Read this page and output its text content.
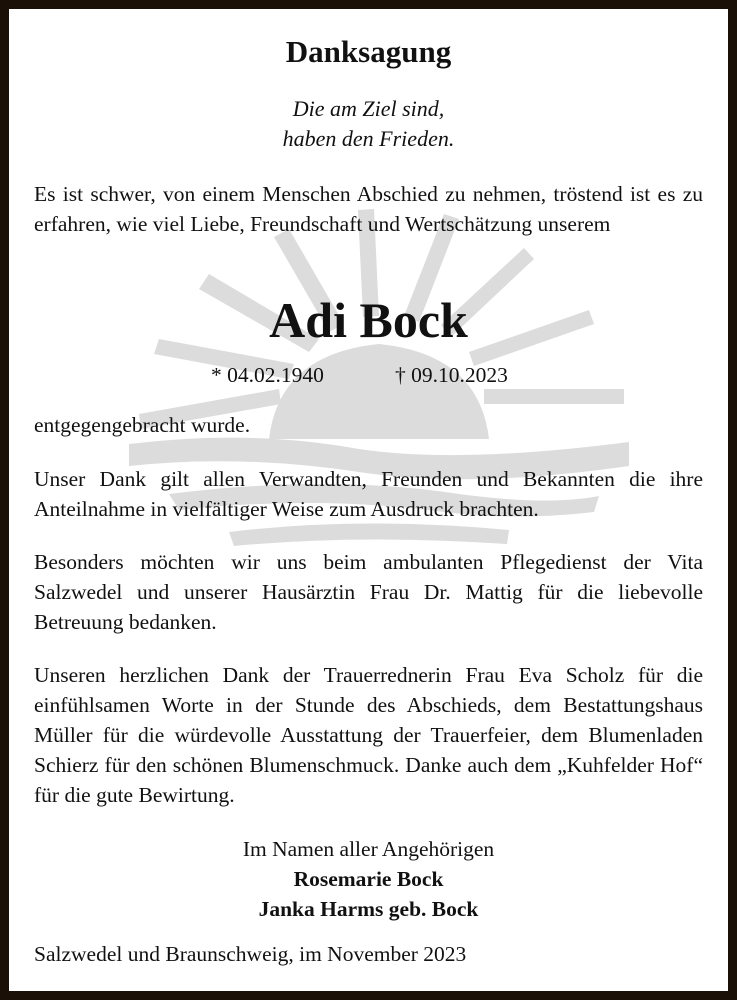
Danksagung
Die am Ziel sind,
haben den Frieden.

Es ist schwer, von einem Menschen Abschied zu nehmen, tröstend ist es zu erfahren, wie viel Liebe, Freundschaft und Wertschätzung unserem

Adi Bock
* 04.02.1940	† 09.10.2023

entgegengebracht wurde.

Unser Dank gilt allen Verwandten, Freunden und Bekannten die ihre Anteilnahme in vielfältiger Weise zum Ausdruck brachten.

Besonders möchten wir uns beim ambulanten Pflegedienst der Vita Salzwedel und unserer Hausärztin Frau Dr. Mattig für die liebevolle Betreuung bedanken.

Unseren herzlichen Dank der Trauerrednerin Frau Eva Scholz für die einfühlsamen Worte in der Stunde des Abschieds, dem Bestattungshaus Müller für die würdevolle Ausstattung der Trauerfeier, dem Blumenladen Schierz für den schönen Blumenschmuck. Danke auch dem „Kuhfelder Hof“ für die gute Bewirtung.

Im Namen aller Angehörigen
Rosemarie Bock
Janka Harms geb. Bock

Salzwedel und Braunschweig, im November 2023
